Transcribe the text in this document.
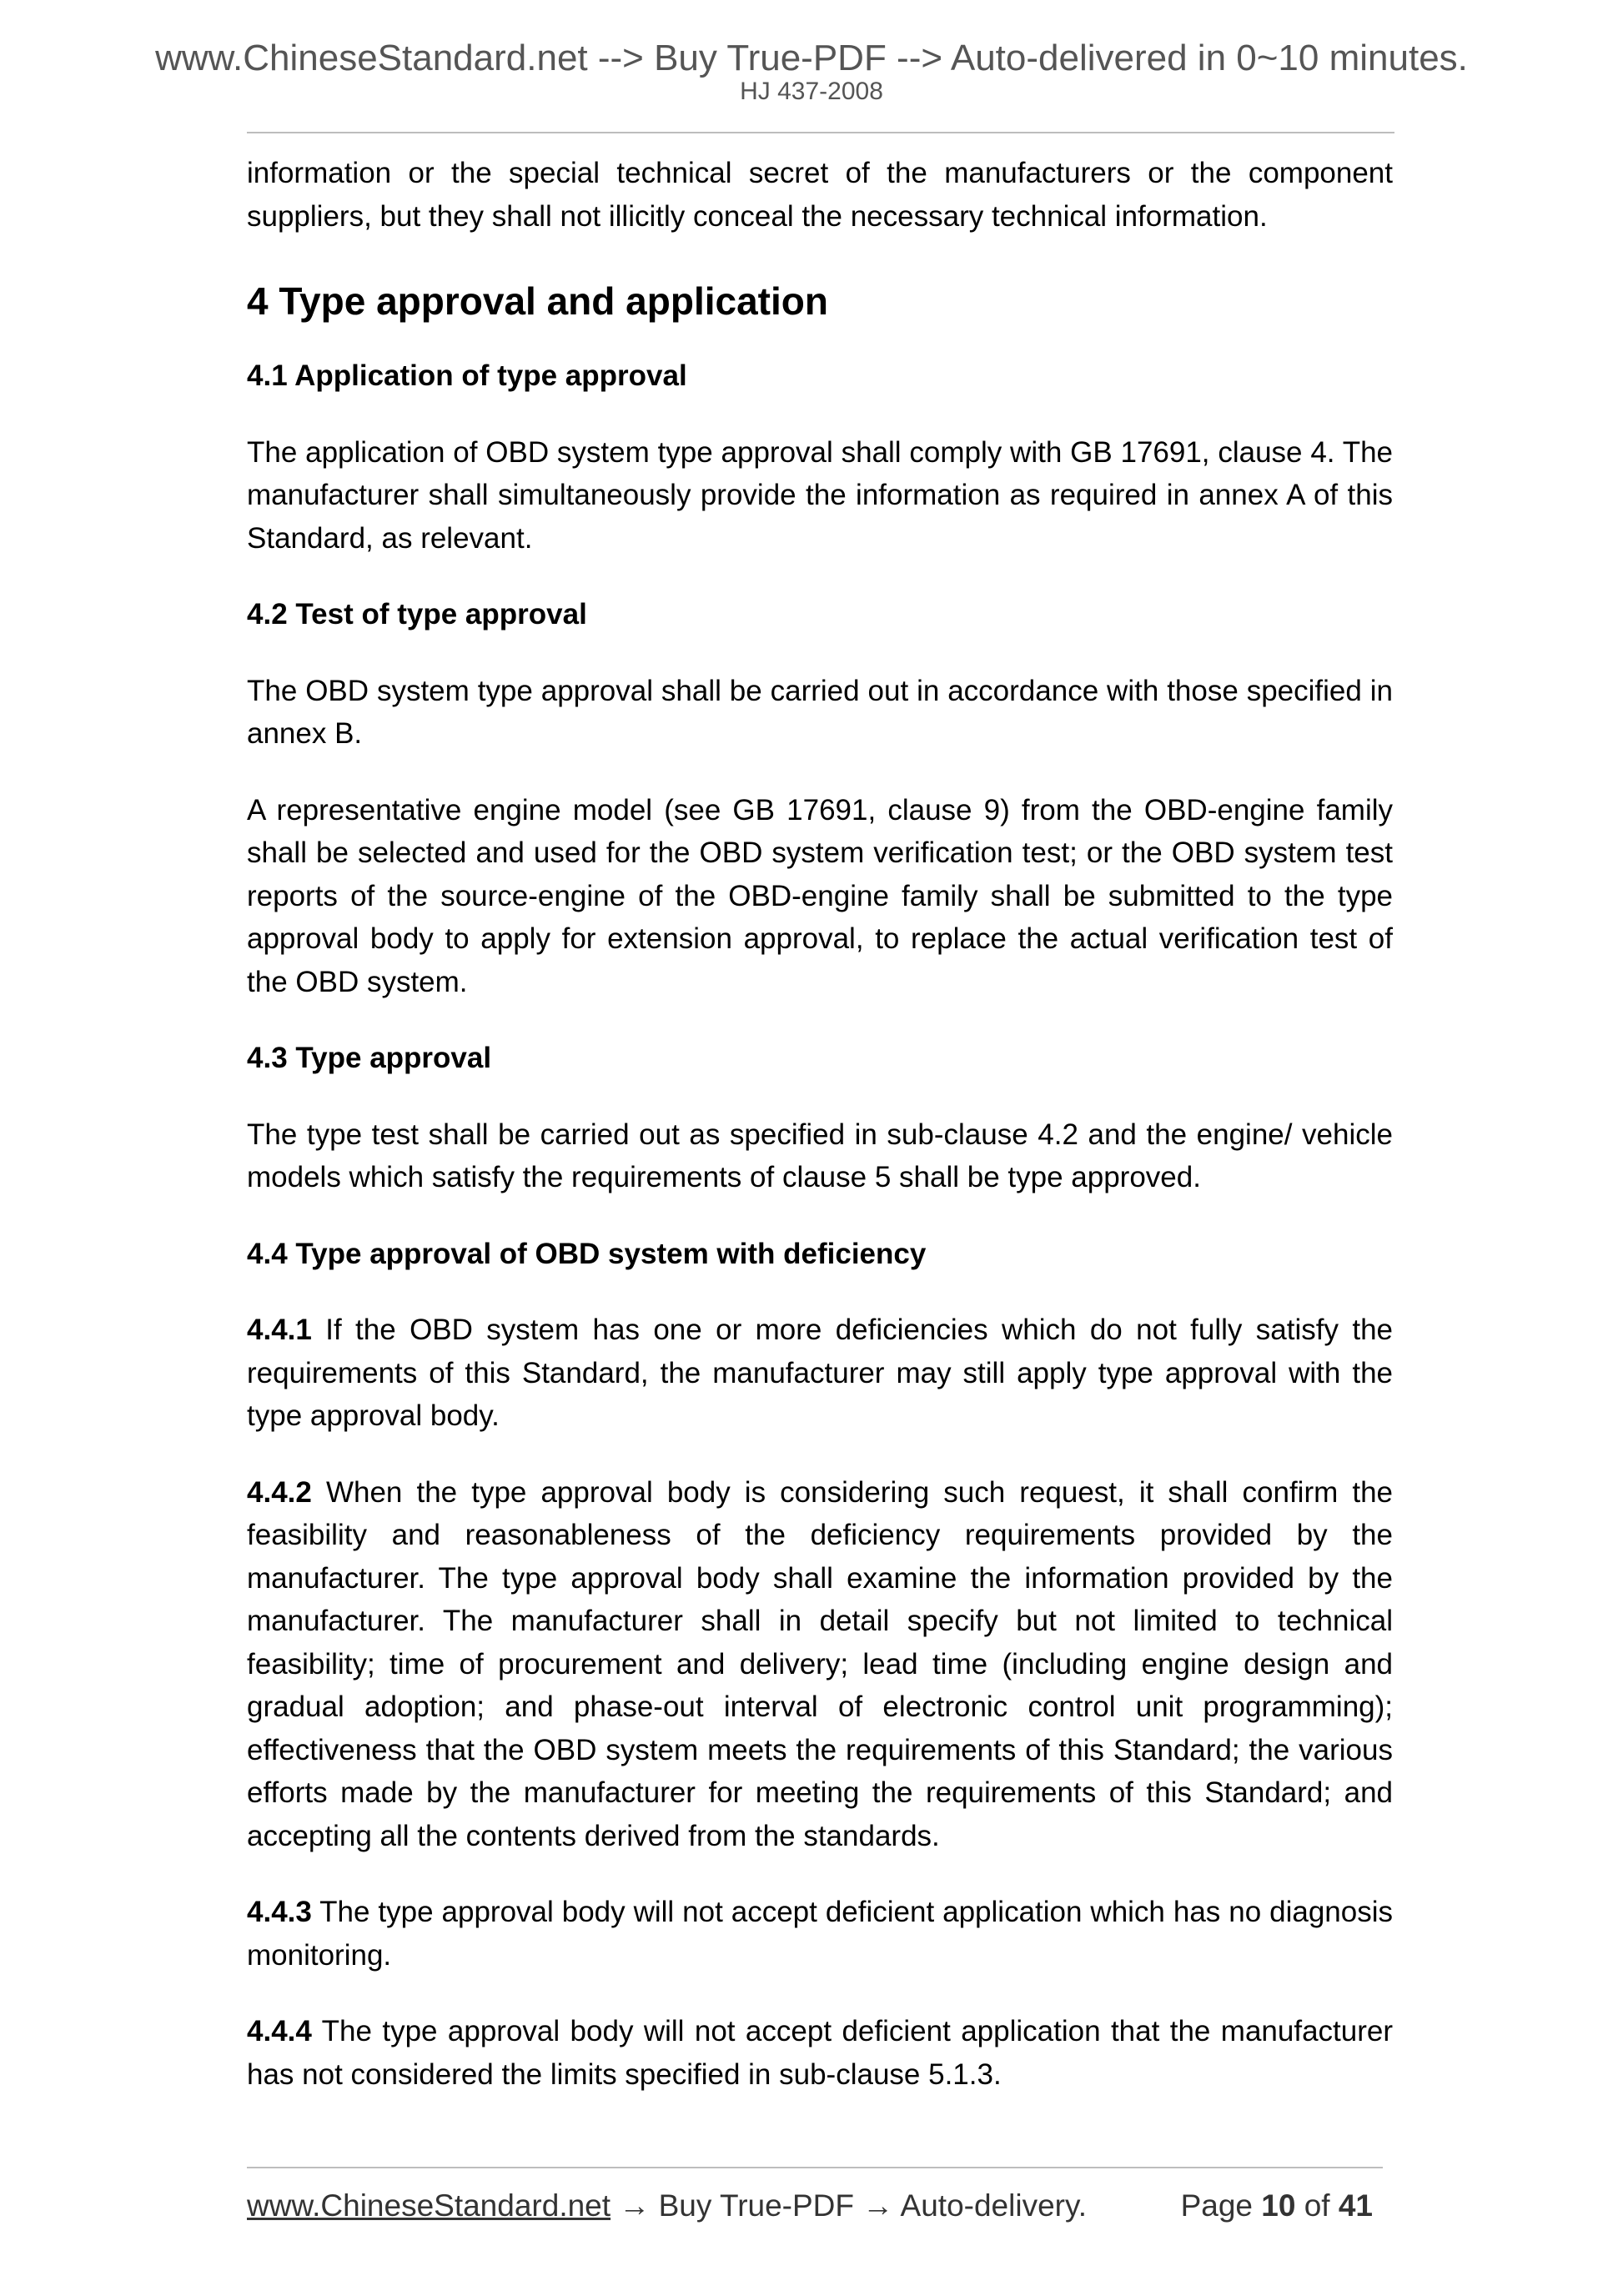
www.ChineseStandard.net --> Buy True-PDF --> Auto-delivered in 0~10 minutes.
HJ 437-2008

information or the special technical secret of the manufacturers or the component suppliers, but they shall not illicitly conceal the necessary technical information.

4 Type approval and application
4.1 Application of type approval

The application of OBD system type approval shall comply with GB 17691, clause 4. The manufacturer shall simultaneously provide the information as required in annex A of this Standard, as relevant.

4.2 Test of type approval

The OBD system type approval shall be carried out in accordance with those specified in annex B.

A representative engine model (see GB 17691, clause 9) from the OBD-engine family shall be selected and used for the OBD system verification test; or the OBD system test reports of the source-engine of the OBD-engine family shall be submitted to the type approval body to apply for extension approval, to replace the actual verification test of the OBD system.

4.3 Type approval

The type test shall be carried out as specified in sub-clause 4.2 and the engine/ vehicle models which satisfy the requirements of clause 5 shall be type approved.

4.4 Type approval of OBD system with deficiency

4.4.1 If the OBD system has one or more deficiencies which do not fully satisfy the requirements of this Standard, the manufacturer may still apply type approval with the type approval body.

4.4.2 When the type approval body is considering such request, it shall confirm the feasibility and reasonableness of the deficiency requirements provided by the manufacturer. The type approval body shall examine the information provided by the manufacturer. The manufacturer shall in detail specify but not limited to technical feasibility; time of procurement and delivery; lead time (including engine design and gradual adoption; and phase-out interval of electronic control unit programming); effectiveness that the OBD system meets the requirements of this Standard; the various efforts made by the manufacturer for meeting the requirements of this Standard; and accepting all the contents derived from the standards.

4.4.3 The type approval body will not accept deficient application which has no diagnosis monitoring.

4.4.4 The type approval body will not accept deficient application that the manufacturer has not considered the limits specified in sub-clause 5.1.3.

www.ChineseStandard.net → Buy True-PDF → Auto-delivery.	Page 10 of 41
